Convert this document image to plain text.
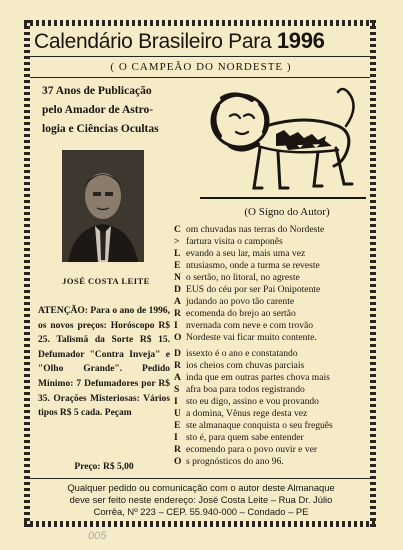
Calendário Brasileiro Para 1996
( O CAMPEÃO DO NORDESTE )
37 Anos de Publicação
pelo Amador de Astro-
logia e Ciências Ocultas
(O Sígno do Autor)
JOSÉ COSTA LEITE
ATENÇÃO: Para o ano de 1996, os novos preços: Horóscopo R$ 25. Talismã da Sorte R$ 15. Defumador "Contra Inveja" e "Olho Grande". Pedido Mínimo: 7 Defumadores por R$ 35. Orações Misteriosas: Vários tipos R$ 5 cada. Peçam
Preço: R$ 5,00
C om chuvadas nas terras do Nordeste
> fartura visita o camponês
L evando a seu lar, mais uma vez
E ntusiasmo, onde a turma se reveste
N o sertão, no litoral, no agreste
D EUS do céu por ser Pai Onipotente
A judando ao povo tão carente
R ecomenda do brejo ao sertão
I nvernada com neve e com trovão
O Nordeste vai ficar muito contente.
D issexto é o ano e constatando
R ios cheios com chuvas parciais
A inda que em outras partes chova mais
S afra boa para todos registrando
I sto eu digo, assino e vou provando
U a domina, Vênus rege desta vez
E ste almanaque conquista o seu freguês
I sto é, para quem sabe entender
R ecomendo para o povo ouvir e ver
O s prognósticos do ano 96.
Qualquer pedido ou comunicação com o autor deste Almanaque
deve ser feito neste endereço: José Costa Leite – Rua Dr. Júlio
Corrêa, Nº 223 – CEP. 55.940-000 – Condado – PE
005
